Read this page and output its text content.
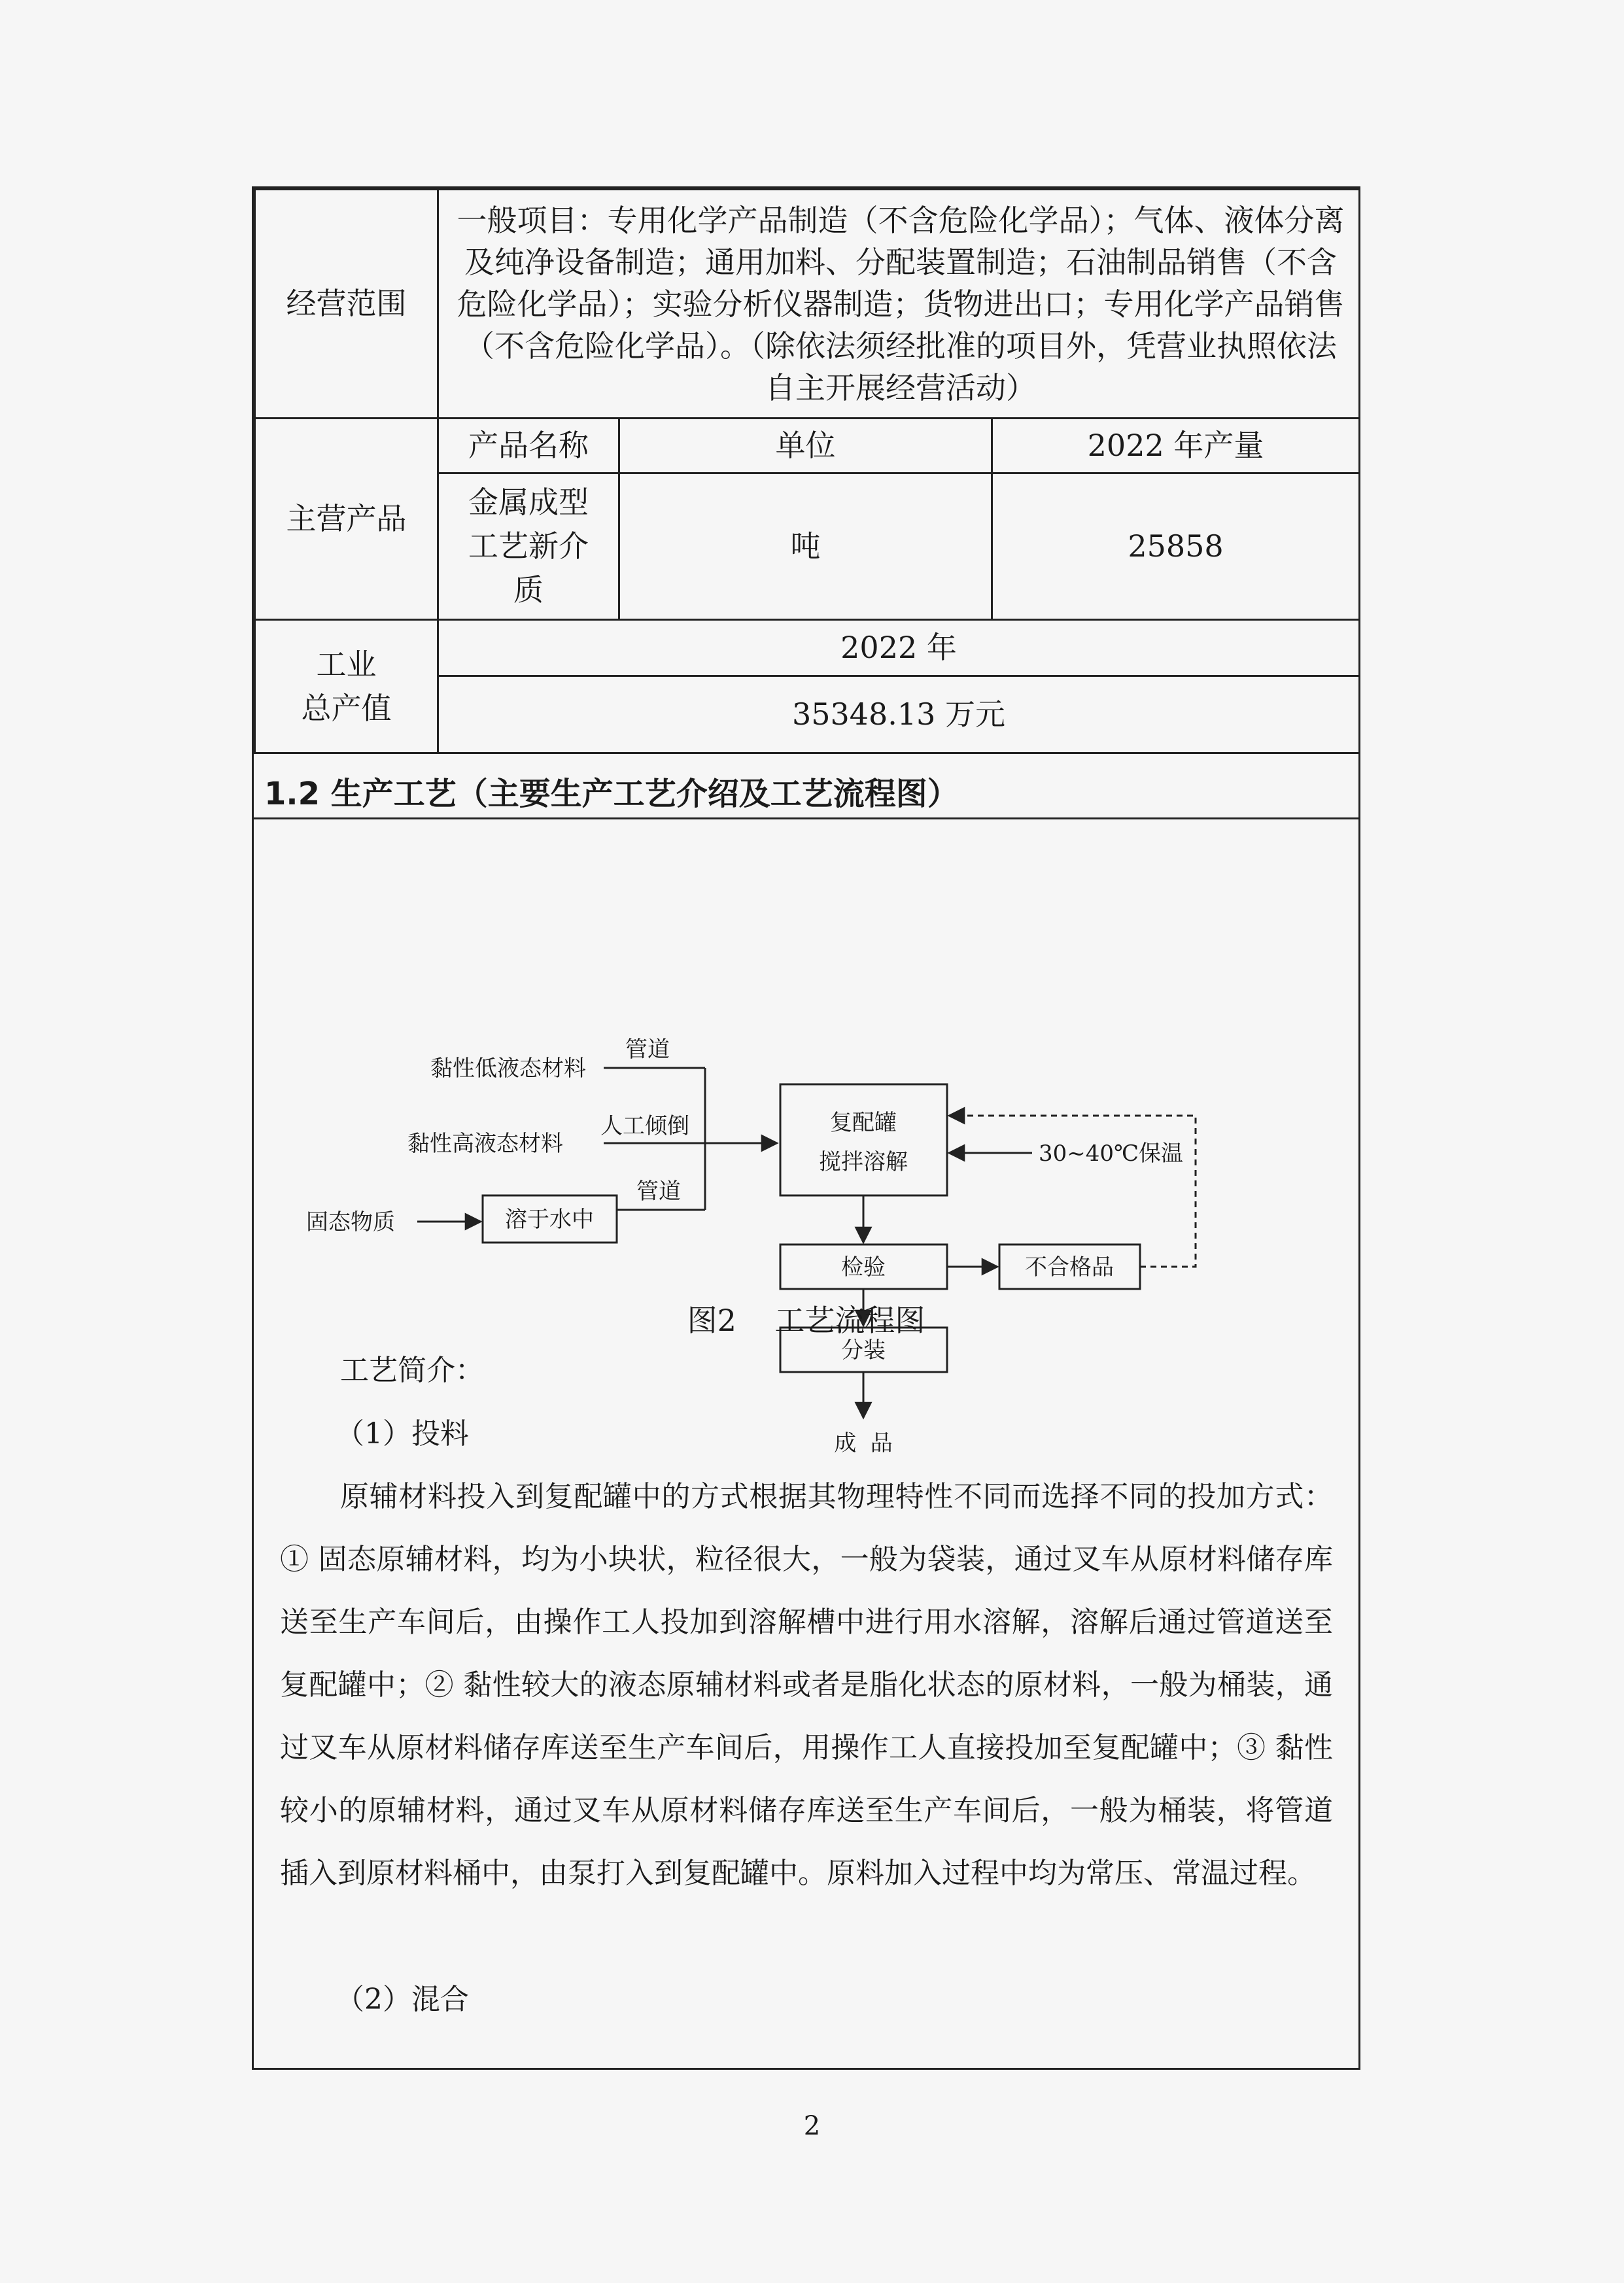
经营范围	一般项目：专用化学产品制造（不含危险化学品）；气体、液体分离及纯净设备制造；通用加料、分配装置制造；石油制品销售（不含危险化学品）；实验分析仪器制造；货物进出口；专用化学产品销售（不含危险化学品）。（除依法须经批准的项目外，凭营业执照依法自主开展经营活动）		
主营产品	产品名称	单位	2022 年产量
	金属成型工艺新介质	吨	25858

工业
总产值	2022 年		
	35348.13 万元		
1.2 生产工艺（主要生产工艺介绍及工艺流程图）
黏性低液态材料
管道
人工倾倒
黏性高液态材料
管道
固态物质	溶于水中
复配罐
搅拌溶解	30~40℃保温
检验	不合格品
分装
成  品
图2    工艺流程图
工艺简介：
（1）投料
原辅材料投入到复配罐中的方式根据其物理特性不同而选择不同的投加方式：① 固态原辅材料，均为小块状，粒径很大，一般为袋装，通过叉车从原材料储存库送至生产车间后，由操作工人投加到溶解槽中进行用水溶解，溶解后通过管道送至复配罐中；② 黏性较大的液态原辅材料或者是脂化状态的原材料，一般为桶装，通过叉车从原材料储存库送至生产车间后，用操作工人直接投加至复配罐中；③ 黏性较小的原辅材料，通过叉车从原材料储存库送至生产车间后，一般为桶装，将管道插入到原材料桶中，由泵打入到复配罐中。原料加入过程中均为常压、常温过程。
（2）混合
2
